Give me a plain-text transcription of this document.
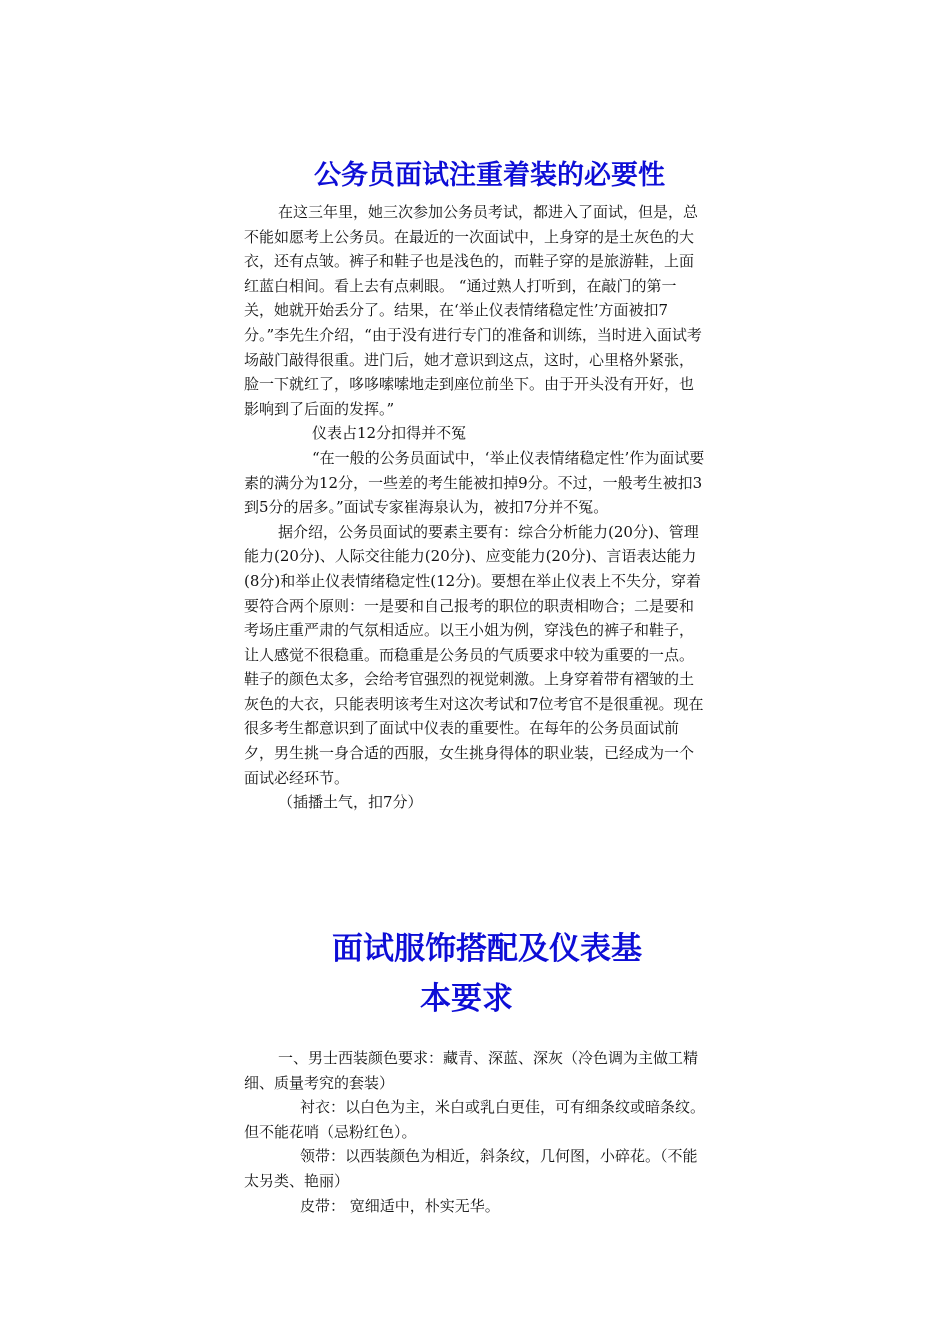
公务员面试注重着装的必要性

在这三年里，她三次参加公务员考试，都进入了面试，但是，总不能如愿考上公务员。在最近的一次面试中，上身穿的是土灰色的大衣，还有点皱。裤子和鞋子也是浅色的，而鞋子穿的是旅游鞋，上面红蓝白相间。看上去有点刺眼。 “通过熟人打听到，在敲门的第一关，她就开始丢分了。结果，在‘举止仪表情绪稳定性’方面被扣7分。”李先生介绍，“由于没有进行专门的准备和训练，当时进入面试考场敲门敲得很重。进门后，她才意识到这点，这时，心里格外紧张，脸一下就红了，哆哆嗦嗦地走到座位前坐下。由于开头没有开好，也影响到了后面的发挥。”

仪表占12分扣得并不冤

“在一般的公务员面试中，‘举止仪表情绪稳定性’作为面试要素的满分为12分，一些差的考生能被扣掉9分。不过，一般考生被扣3到5分的居多。”面试专家崔海泉认为，被扣7分并不冤。

据介绍，公务员面试的要素主要有：综合分析能力(20分)、管理能力(20分)、人际交往能力(20分)、应变能力(20分)、言语表达能力(8分)和举止仪表情绪稳定性(12分)。要想在举止仪表上不失分，穿着要符合两个原则：一是要和自己报考的职位的职责相吻合；二是要和考场庄重严肃的气氛相适应。以王小姐为例，穿浅色的裤子和鞋子，让人感觉不很稳重。而稳重是公务员的气质要求中较为重要的一点。鞋子的颜色太多，会给考官强烈的视觉刺激。上身穿着带有褶皱的土灰色的大衣，只能表明该考生对这次考试和7位考官不是很重视。现在很多考生都意识到了面试中仪表的重要性。在每年的公务员面试前夕，男生挑一身合适的西服，女生挑身得体的职业装，已经成为一个面试必经环节。

（插播土气，扣7分）

面试服饰搭配及仪表基
本要求

一、男士西装颜色要求：藏青、深蓝、深灰（冷色调为主做工精细、质量考究的套装）

衬衣：以白色为主，米白或乳白更佳，可有细条纹或暗条纹。但不能花哨（忌粉红色）。

领带：以西装颜色为相近，斜条纹，几何图，小碎花。（不能太另类、艳丽）

皮带： 宽细适中，朴实无华。
